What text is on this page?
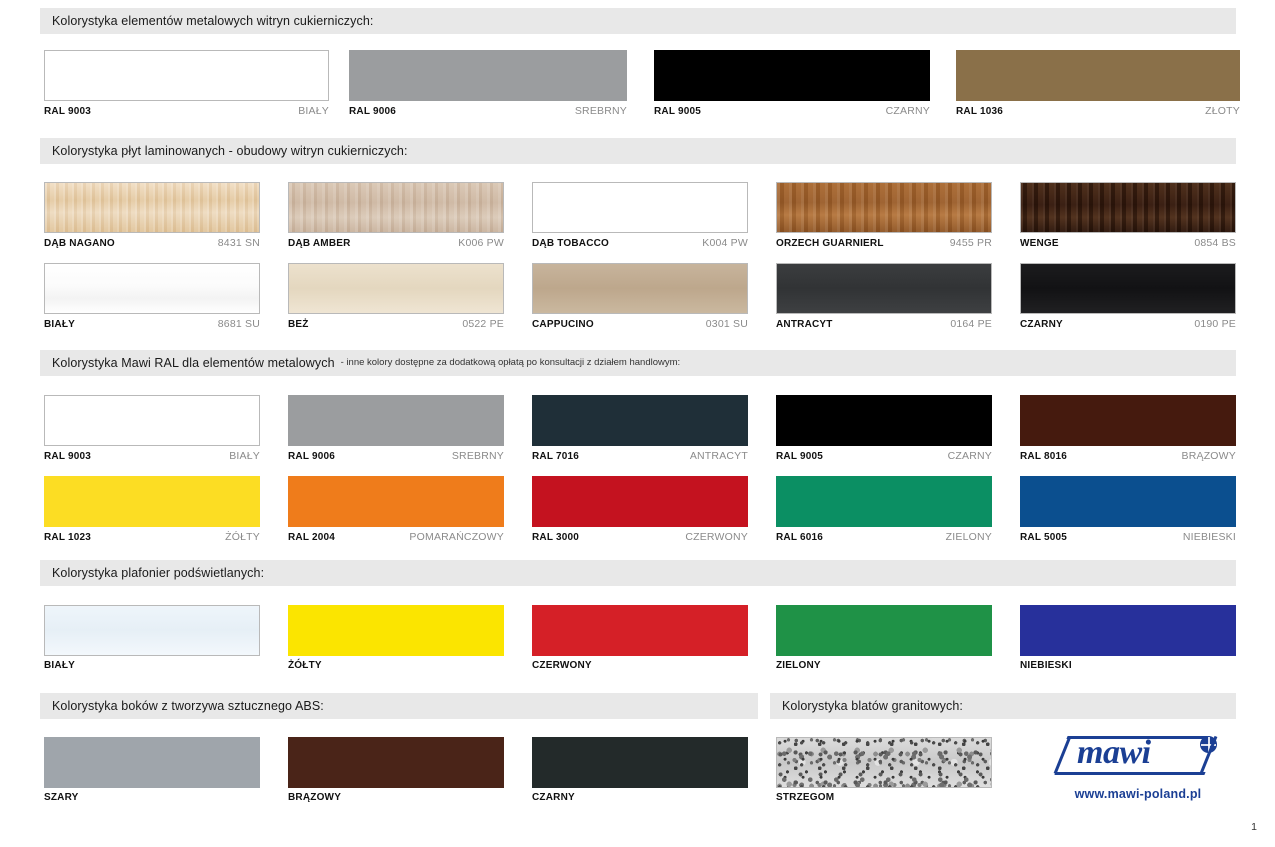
Kolorystyka elementów metalowych witryn cukierniczych:
RAL 9003	BIAŁY RAL 9006	SREBRNY	RAL 9005	CZARNY	RAL 1036	ZŁOTY
Kolorystyka płyt laminowanych - obudowy witryn cukierniczych:
DĄB NAGANO	8431 SN	DĄB AMBER	K006 PW	DĄB TOBACCO	K004 PW	ORZECH GUARNIERL	9455 PR	WENGE	0854 BS
BIAŁY	8681 SU	BEŻ	0522 PE	CAPPUCINO	0301 SU	ANTRACYT	0164 PE	CZARNY	0190 PE
Kolorystyka Mawi RAL dla elementów metalowych - inne kolory dostępne za dodatkową opłatą po konsultacji z działem handlowym:
RAL 9003	BIAŁY	RAL 9006	SREBRNY	RAL 7016	ANTRACYT	RAL 9005	CZARNY	RAL 8016	BRĄZOWY
RAL 1023	ŻÓŁTY	RAL 2004	POMARAŃCZOWY	RAL 3000	CZERWONY	RAL 6016	ZIELONY	RAL 5005	NIEBIESKI
Kolorystyka plafonier podświetlanych:
BIAŁY	ŻÓŁTY	CZERWONY	ZIELONY	NIEBIESKI
Kolorystyka boków z tworzywa sztucznego ABS:
SZARY	BRĄZOWY	CZARNY
Kolorystyka blatów granitowych:
STRZEGOM
mawi
www.mawi-poland.pl
1
